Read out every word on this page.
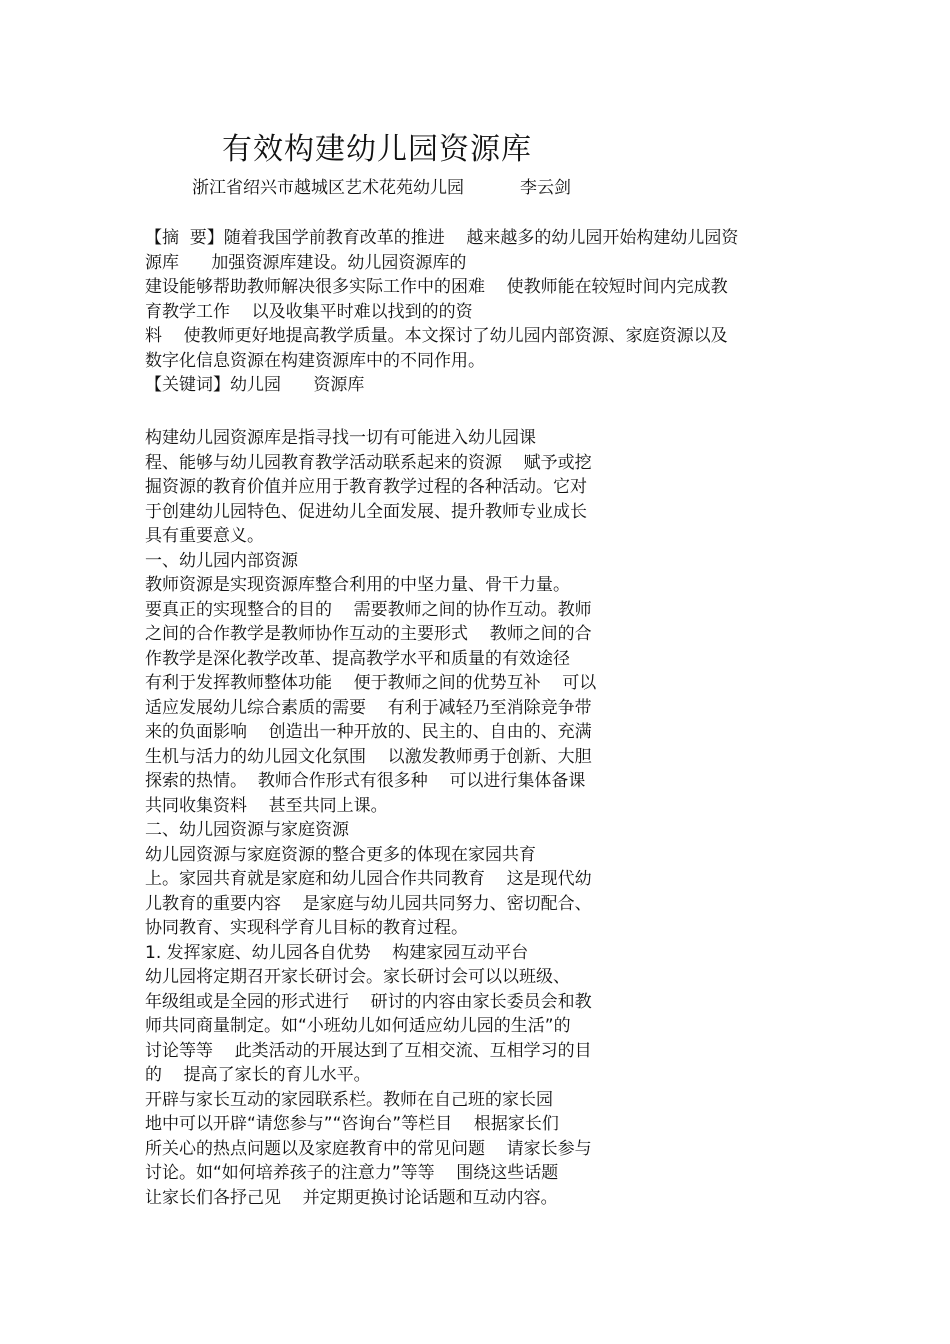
有效构建幼儿园资源库
浙江省绍兴市越城区艺术花苑幼儿园	李云剑
【摘  要】随着我国学前教育改革的推进    越来越多的幼儿园开始构建幼儿园资
源库      加强资源库建设。幼儿园资源库的
建设能够帮助教师解决很多实际工作中的困难    使教师能在较短时间内完成教
育教学工作    以及收集平时难以找到的的资
料    使教师更好地提高教学质量。本文探讨了幼儿园内部资源、家庭资源以及
数字化信息资源在构建资源库中的不同作用。
【关键词】幼儿园      资源库
构建幼儿园资源库是指寻找一切有可能进入幼儿园课
程、能够与幼儿园教育教学活动联系起来的资源    赋予或挖
掘资源的教育价值并应用于教育教学过程的各种活动。它对
于创建幼儿园特色、促进幼儿全面发展、提升教师专业成长
具有重要意义。
一、幼儿园内部资源
教师资源是实现资源库整合利用的中坚力量、骨干力量。
要真正的实现整合的目的    需要教师之间的协作互动。教师
之间的合作教学是教师协作互动的主要形式    教师之间的合
作教学是深化教学改革、提高教学水平和质量的有效途径
有利于发挥教师整体功能    便于教师之间的优势互补    可以
适应发展幼儿综合素质的需要    有利于减轻乃至消除竞争带
来的负面影响    创造出一种开放的、民主的、自由的、充满
生机与活力的幼儿园文化氛围    以激发教师勇于创新、大胆
探索的热情。  教师合作形式有很多种    可以进行集体备课
共同收集资料    甚至共同上课。
二、幼儿园资源与家庭资源
幼儿园资源与家庭资源的整合更多的体现在家园共育
上。家园共育就是家庭和幼儿园合作共同教育    这是现代幼
儿教育的重要内容    是家庭与幼儿园共同努力、密切配合、
协同教育、实现科学育儿目标的教育过程。
1. 发挥家庭、幼儿园各自优势    构建家园互动平台
幼儿园将定期召开家长研讨会。家长研讨会可以以班级、
年级组或是全园的形式进行    研讨的内容由家长委员会和教
师共同商量制定。如“小班幼儿如何适应幼儿园的生活”的
讨论等等    此类活动的开展达到了互相交流、互相学习的目
的    提高了家长的育儿水平。
开辟与家长互动的家园联系栏。教师在自己班的家长园
地中可以开辟“请您参与”“咨询台”等栏目    根据家长们
所关心的热点问题以及家庭教育中的常见问题    请家长参与
讨论。如“如何培养孩子的注意力”等等    围绕这些话题
让家长们各抒己见    并定期更换讨论话题和互动内容。
